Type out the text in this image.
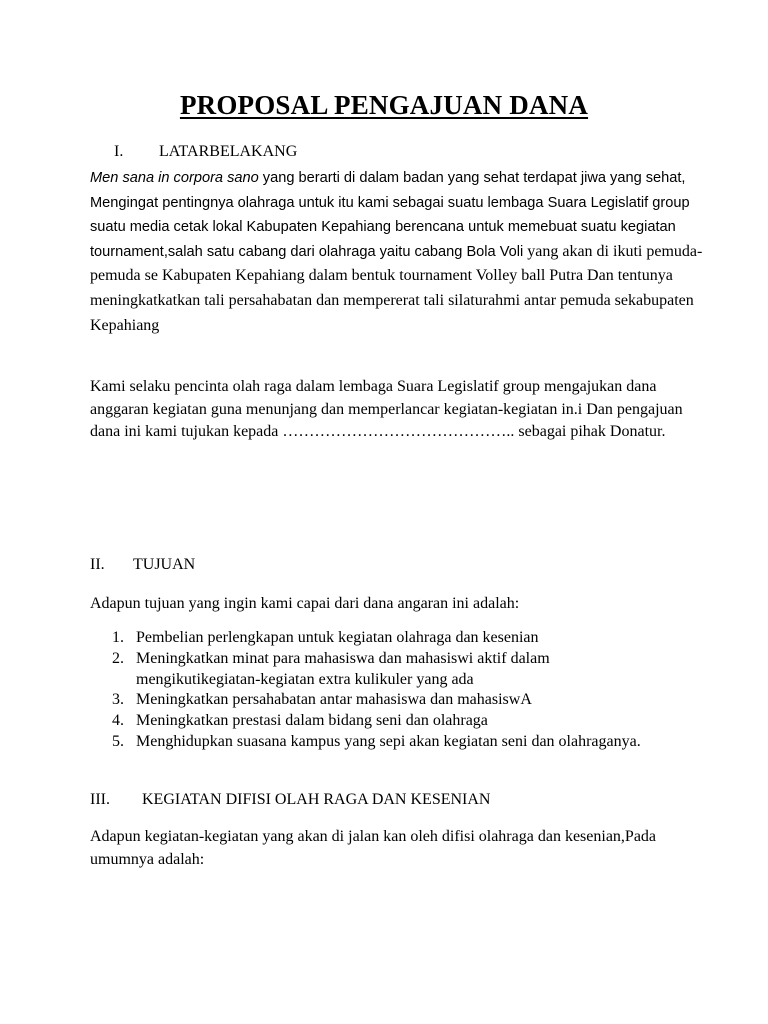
PROPOSAL PENGAJUAN DANA
I. LATARBELAKANG

Men sana in corpora sano yang berarti di dalam badan yang sehat terdapat jiwa yang sehat, Mengingat pentingnya olahraga untuk itu kami sebagai suatu lembaga Suara Legislatif group suatu media cetak lokal Kabupaten Kepahiang berencana untuk memebuat suatu kegiatan tournament,salah satu cabang dari olahraga yaitu cabang Bola Voli yang akan di ikuti pemuda-pemuda se Kabupaten Kepahiang dalam bentuk tournament Volley ball Putra Dan tentunya meningkatkatkan tali persahabatan dan mempererat tali silaturahmi antar pemuda sekabupaten Kepahiang

Kami selaku pencinta olah raga dalam lembaga Suara Legislatif group mengajukan dana anggaran kegiatan guna menunjang dan memperlancar kegiatan-kegiatan in.i Dan pengajuan dana ini kami tujukan kepada …………………………………….. sebagai pihak Donatur.

II. TUJUAN

Adapun tujuan yang ingin kami capai dari dana angaran ini adalah:

1. Pembelian perlengkapan untuk kegiatan olahraga dan kesenian
2. Meningkatkan minat para mahasiswa dan mahasiswi aktif dalam mengikutikegiatan-kegiatan extra kulikuler yang ada
3. Meningkatkan persahabatan antar mahasiswa dan mahasiswA
4. Meningkatkan prestasi dalam bidang seni dan olahraga
5. Menghidupkan suasana kampus yang sepi akan kegiatan seni dan olahraganya.
III. KEGIATAN DIFISI OLAH RAGA DAN KESENIAN

Adapun kegiatan-kegiatan yang akan di jalan kan oleh difisi olahraga dan kesenian,Pada umumnya adalah:
